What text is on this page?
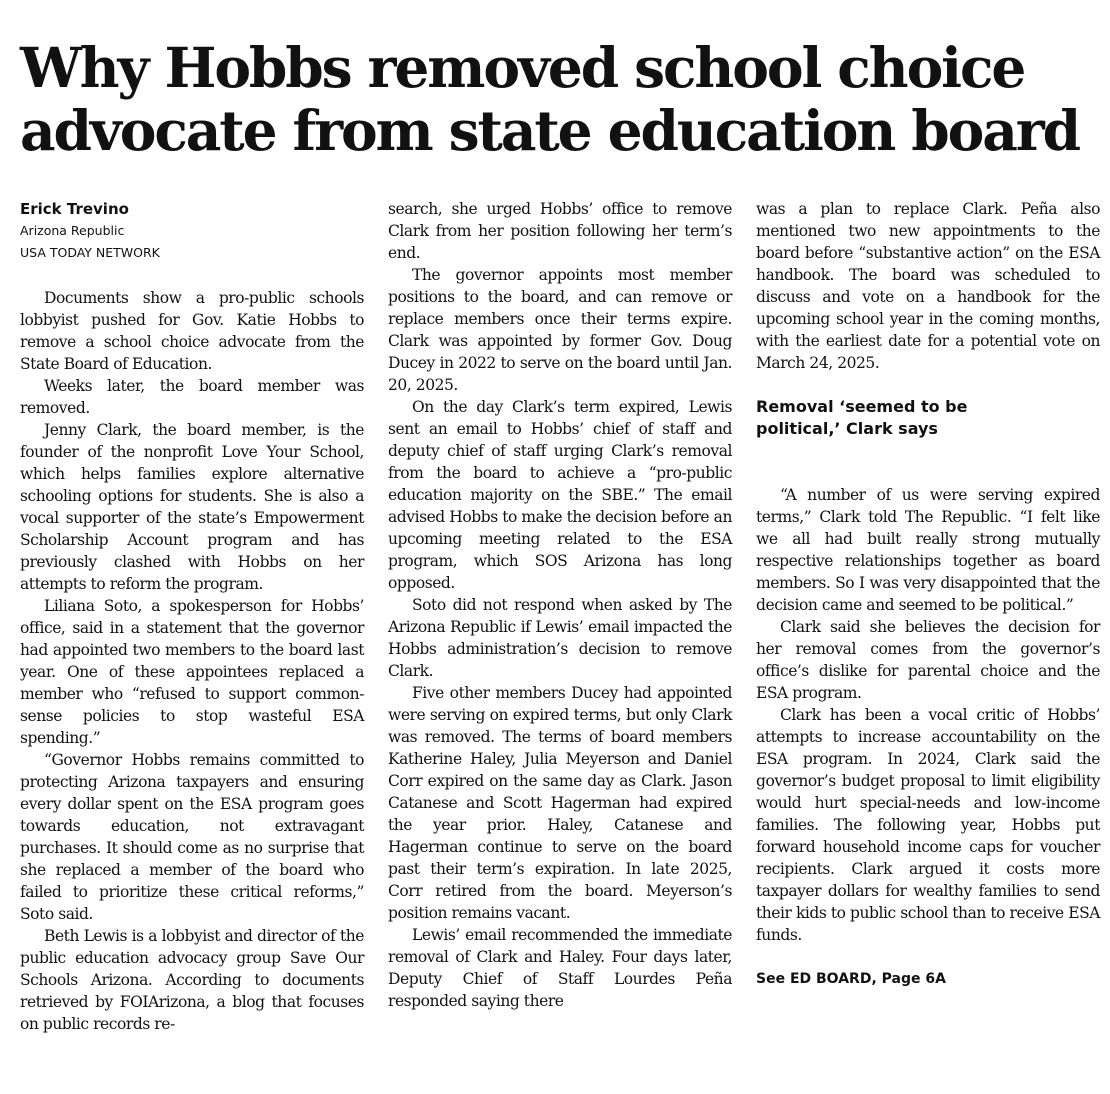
Why Hobbs removed school choice advocate from state education board

Erick Trevino

Arizona Republic

USA TODAY NETWORK

Documents show a pro-public schools lobbyist pushed for Gov. Katie Hobbs to remove a school choice advocate from the State Board of Education.

Weeks later, the board member was removed.

Jenny Clark, the board member, is the founder of the nonprofit Love Your School, which helps families explore alternative schooling options for students. She is also a vocal supporter of the state’s Empowerment Scholarship Account program and has previously clashed with Hobbs on her attempts to reform the program.

Liliana Soto, a spokesperson for Hobbs’ office, said in a statement that the governor had appointed two members to the board last year. One of these appointees replaced a member who “refused to support common-sense policies to stop wasteful ESA spending.”

“Governor Hobbs remains committed to protecting Arizona taxpayers and ensuring every dollar spent on the ESA program goes towards education, not extravagant purchases. It should come as no surprise that she replaced a member of the board who failed to prioritize these critical reforms,” Soto said.

Beth Lewis is a lobbyist and director of the public education advocacy group Save Our Schools Arizona. According to documents retrieved by FOIArizona, a blog that focuses on public records re-

search, she urged Hobbs’ office to remove Clark from her position following her term’s end.

The governor appoints most member positions to the board, and can remove or replace members once their terms expire. Clark was appointed by former Gov. Doug Ducey in 2022 to serve on the board until Jan. 20, 2025.

On the day Clark’s term expired, Lewis sent an email to Hobbs’ chief of staff and deputy chief of staff urging Clark’s removal from the board to achieve a “pro-public education majority on the SBE.” The email advised Hobbs to make the decision before an upcoming meeting related to the ESA program, which SOS Arizona has long opposed.

Soto did not respond when asked by The Arizona Republic if Lewis’ email impacted the Hobbs administration’s decision to remove Clark.

Five other members Ducey had appointed were serving on expired terms, but only Clark was removed. The terms of board members Katherine Haley, Julia Meyerson and Daniel Corr expired on the same day as Clark. Jason Catanese and Scott Hagerman had expired the year prior. Haley, Catanese and Hagerman continue to serve on the board past their term’s expiration. In late 2025, Corr retired from the board. Meyerson’s position remains vacant.

Lewis’ email recommended the immediate removal of Clark and Haley. Four days later, Deputy Chief of Staff Lourdes Peña responded saying there

was a plan to replace Clark. Peña also mentioned two new appointments to the board before “substantive action” on the ESA handbook. The board was scheduled to discuss and vote on a handbook for the upcoming school year in the coming months, with the earliest date for a potential vote on March 24, 2025.

Removal ‘seemed to be political,’ Clark says

“A number of us were serving expired terms,” Clark told The Republic. “I felt like we all had built really strong mutually respective relationships together as board members. So I was very disappointed that the decision came and seemed to be political.”

Clark said she believes the decision for her removal comes from the governor’s office’s dislike for parental choice and the ESA program.

Clark has been a vocal critic of Hobbs’ attempts to increase accountability on the ESA program. In 2024, Clark said the governor’s budget proposal to limit eligibility would hurt special-needs and low-income families. The following year, Hobbs put forward household income caps for voucher recipients. Clark argued it costs more taxpayer dollars for wealthy families to send their kids to public school than to receive ESA funds.

See ED BOARD, Page 6A
